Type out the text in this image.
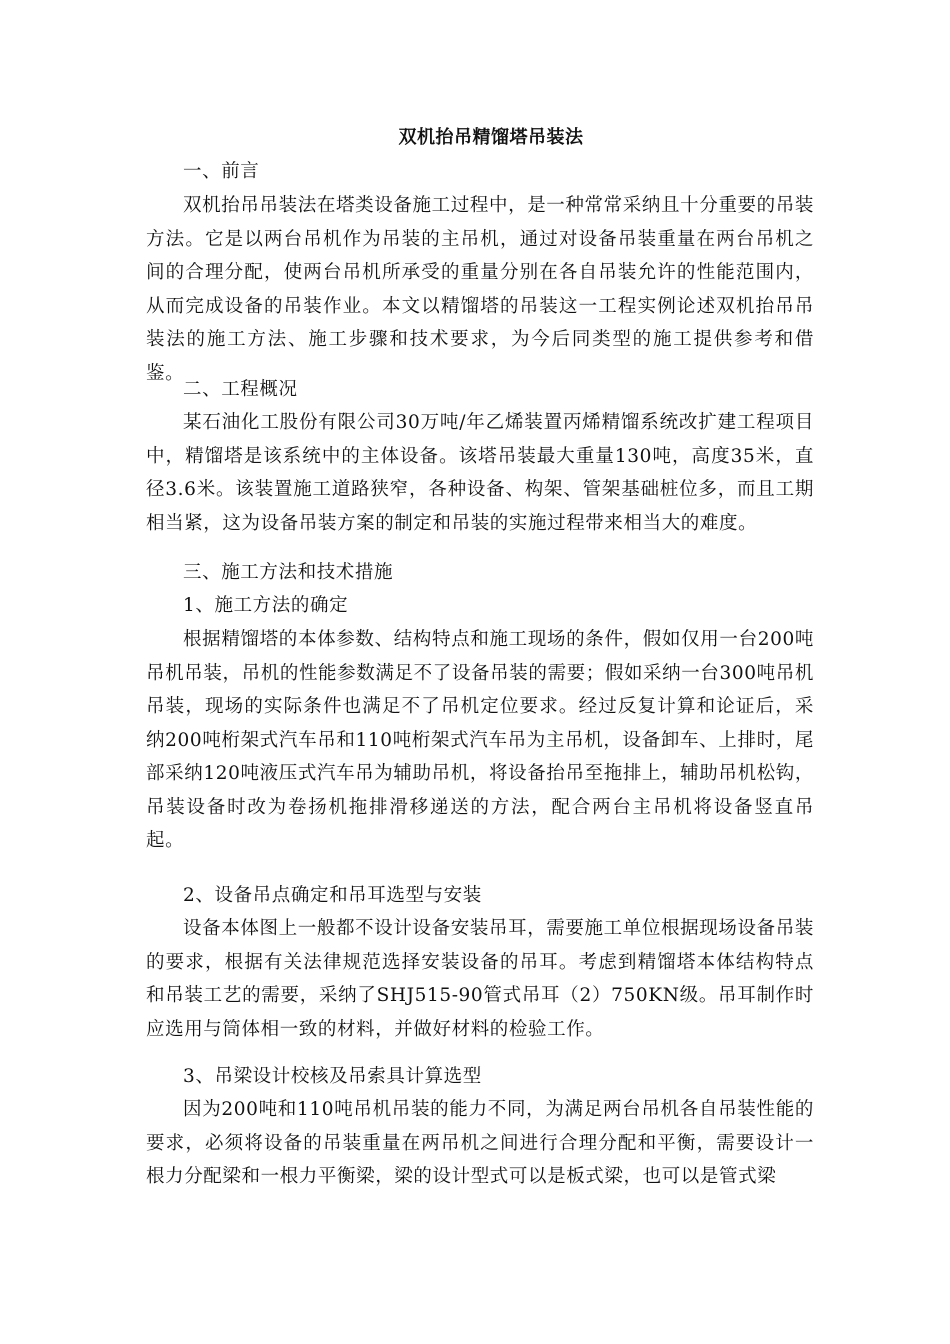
双机抬吊精馏塔吊装法
一、前言
双机抬吊吊装法在塔类设备施工过程中，是一种常常采纳且十分重要的吊装方法。它是以两台吊机作为吊装的主吊机，通过对设备吊装重量在两台吊机之间的合理分配，使两台吊机所承受的重量分别在各自吊装允许的性能范围内，从而完成设备的吊装作业。本文以精馏塔的吊装这一工程实例论述双机抬吊吊装法的施工方法、施工步骤和技术要求，为今后同类型的施工提供参考和借鉴。
二、工程概况
某石油化工股份有限公司30万吨/年乙烯装置丙烯精馏系统改扩建工程项目中，精馏塔是该系统中的主体设备。该塔吊装最大重量130吨，高度35米，直径3.6米。该装置施工道路狭窄，各种设备、构架、管架基础桩位多，而且工期相当紧，这为设备吊装方案的制定和吊装的实施过程带来相当大的难度。
三、施工方法和技术措施
1、施工方法的确定
根据精馏塔的本体参数、结构特点和施工现场的条件，假如仅用一台200吨吊机吊装，吊机的性能参数满足不了设备吊装的需要；假如采纳一台300吨吊机吊装，现场的实际条件也满足不了吊机定位要求。经过反复计算和论证后，采纳200吨桁架式汽车吊和110吨桁架式汽车吊为主吊机，设备卸车、上排时，尾部采纳120吨液压式汽车吊为辅助吊机，将设备抬吊至拖排上，辅助吊机松钩，吊装设备时改为卷扬机拖排滑移递送的方法，配合两台主吊机将设备竖直吊起。
2、设备吊点确定和吊耳选型与安装
设备本体图上一般都不设计设备安装吊耳，需要施工单位根据现场设备吊装的要求，根据有关法律规范选择安装设备的吊耳。考虑到精馏塔本体结构特点和吊装工艺的需要，采纳了SHJ515-90管式吊耳（2）750KN级。吊耳制作时应选用与筒体相一致的材料，并做好材料的检验工作。
3、吊梁设计校核及吊索具计算选型
因为200吨和110吨吊机吊装的能力不同，为满足两台吊机各自吊装性能的要求，必须将设备的吊装重量在两吊机之间进行合理分配和平衡，需要设计一根力分配梁和一根力平衡梁，梁的设计型式可以是板式梁，也可以是管式梁
